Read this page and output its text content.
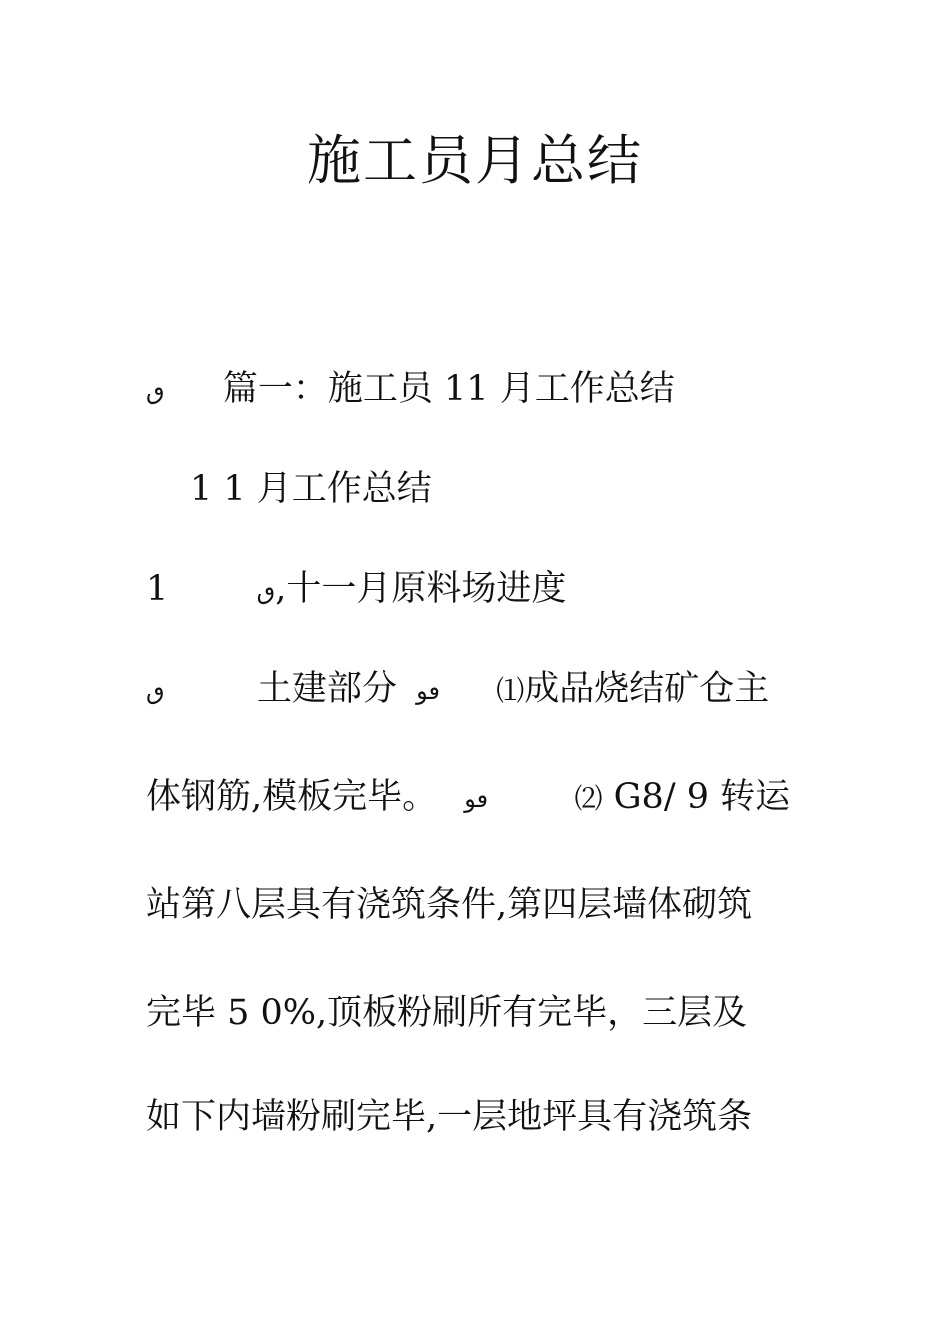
施工员月总结
ٯ 篇一：施工员 11 月工作总结
1 1 月工作总结
1	ٯ,十一月原料场进度
ٯ	土建部分 ٯو ⑴成品烧结矿仓主
体钢筋,模板完毕。 ٯو	⑵ G8/ 9 转运
站第八层具有浇筑条件,第四层墙体砌筑
完毕 5 0%,顶板粉刷所有完毕，三层及
如下内墙粉刷完毕,一层地坪具有浇筑条
